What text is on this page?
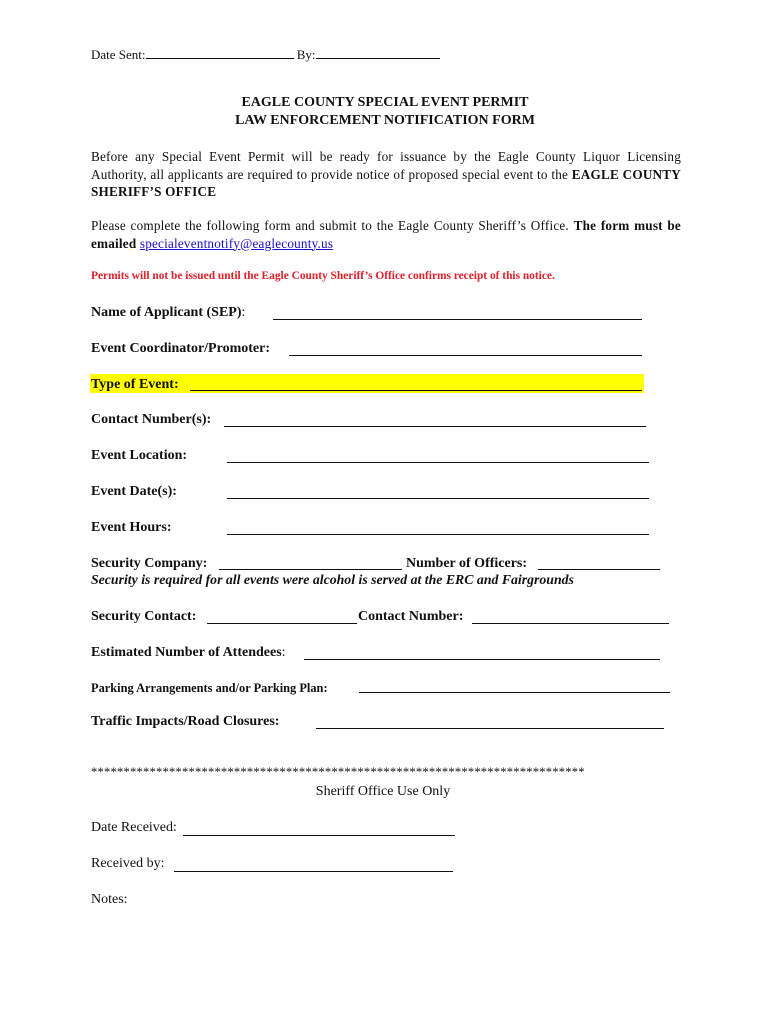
Date Sent:	By:
EAGLE COUNTY SPECIAL EVENT PERMIT
LAW ENFORCEMENT NOTIFICATION FORM
Before any Special Event Permit will be ready for issuance by the Eagle County Liquor Licensing Authority, all applicants are required to provide notice of proposed special event to the EAGLE COUNTY SHERIFF’S OFFICE
Please complete the following form and submit to the Eagle County Sheriff’s Office. The form must be emailed specialeventnotify@eaglecounty.us
Permits will not be issued until the Eagle County Sheriff’s Office confirms receipt of this notice.
Name of Applicant (SEP):
Event Coordinator/Promoter:
Type of Event:
Contact Number(s):
Event Location:
Event Date(s):
Event Hours:
Security Company:	Number of Officers:
Security is required for all events were alcohol is served at the ERC and Fairgrounds
Security Contact:	Contact Number:
Estimated Number of Attendees:
Parking Arrangements and/or Parking Plan:
Traffic Impacts/Road Closures:
****************************************************************************
Sheriff Office Use Only
Date Received:
Received by:
Notes:
